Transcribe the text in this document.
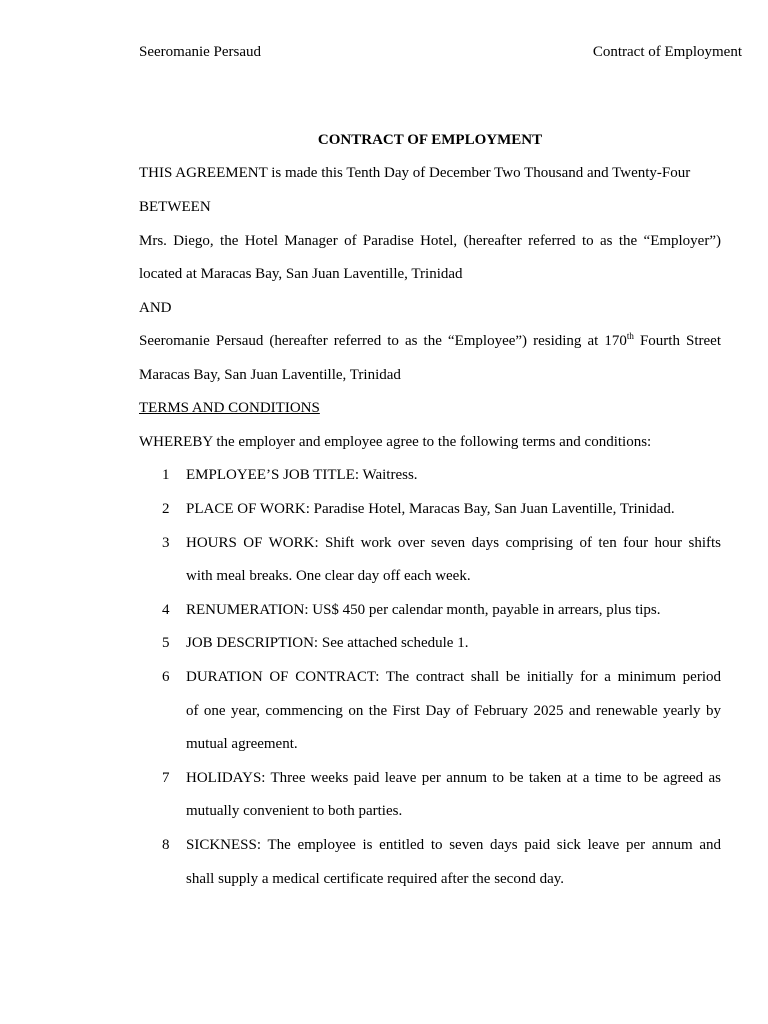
Seeromanie Persaud	Contract of Employment
CONTRACT OF EMPLOYMENT
THIS AGREEMENT is made this Tenth Day of December Two Thousand and Twenty-Four
BETWEEN
Mrs. Diego, the Hotel Manager of Paradise Hotel, (hereafter referred to as the “Employer”)
located at Maracas Bay, San Juan Laventille, Trinidad
AND
Seeromanie Persaud (hereafter referred to as the “Employee”) residing at 170th Fourth Street
Maracas Bay, San Juan Laventille, Trinidad
TERMS AND CONDITIONS
WHEREBY the employer and employee agree to the following terms and conditions:
1	EMPLOYEE’S JOB TITLE: Waitress.
2	PLACE OF WORK: Paradise Hotel, Maracas Bay, San Juan Laventille, Trinidad.
3	HOURS OF WORK: Shift work over seven days comprising of ten four hour shifts
with meal breaks. One clear day off each week.
4	RENUMERATION: US$ 450 per calendar month, payable in arrears, plus tips.
5	JOB DESCRIPTION: See attached schedule 1.
6	DURATION OF CONTRACT: The contract shall be initially for a minimum period
of one year, commencing on the First Day of February 2025 and renewable yearly by
mutual agreement.
7	HOLIDAYS: Three weeks paid leave per annum to be taken at a time to be agreed as
mutually convenient to both parties.
8	SICKNESS: The employee is entitled to seven days paid sick leave per annum and
shall supply a medical certificate required after the second day.
